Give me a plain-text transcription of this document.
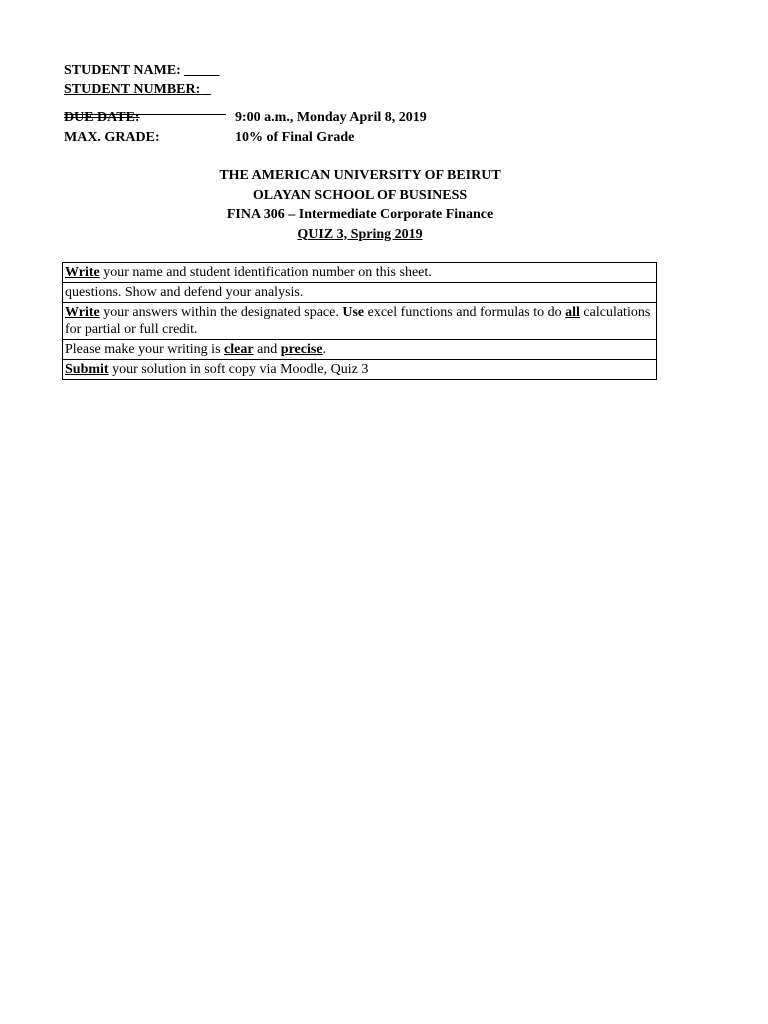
STUDENT NAME: _____
STUDENT NUMBER: _
DUE DATE:	9:00 a.m., Monday April 8, 2019
MAX. GRADE:	10% of Final Grade
THE AMERICAN UNIVERSITY OF BEIRUT
OLAYAN SCHOOL OF BUSINESS
FINA 306 – Intermediate Corporate Finance
QUIZ 3, Spring 2019
Write your name and student identification number on this sheet.
questions. Show and defend your analysis.
Write your answers within the designated space. Use excel functions and formulas to do all calculations for partial or full credit.
Please make your writing is clear and precise.
Submit your solution in soft copy via Moodle, Quiz 3
